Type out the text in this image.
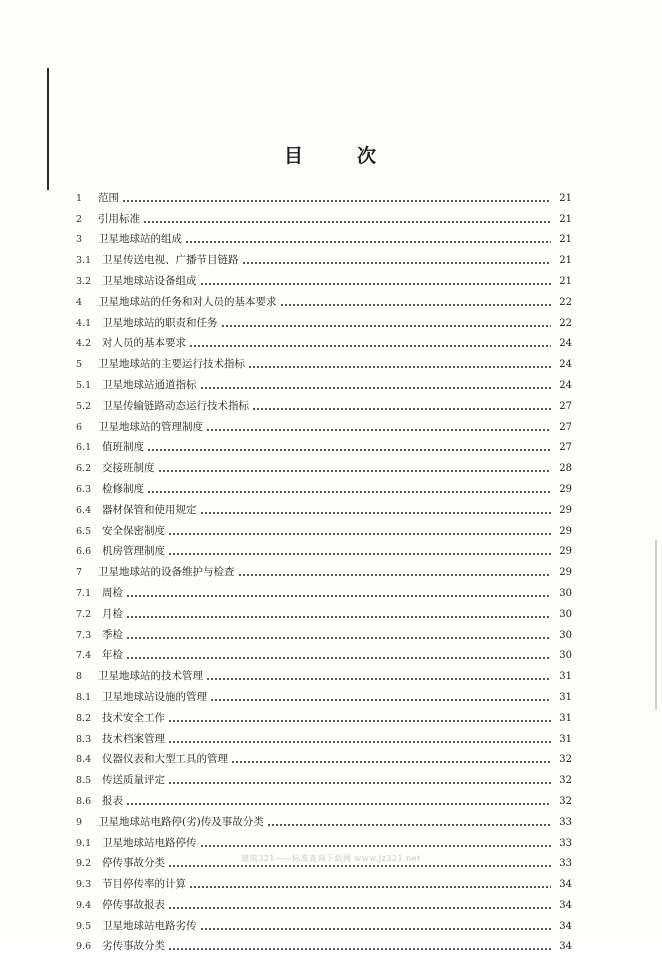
目	次
1	范围	21
2	引用标准	21
3	卫星地球站的组成	21
3.1	卫星传送电视、广播节目链路	21
3.2	卫星地球站设备组成	21
4	卫星地球站的任务和对人员的基本要求	22
4.1	卫星地球站的职责和任务	22
4.2	对人员的基本要求	24
5	卫星地球站的主要运行技术指标	24
5.1	卫星地球站通道指标	24
5.2	卫星传输链路动态运行技术指标	27
6	卫星地球站的管理制度	27
6.1	值班制度	27
6.2	交接班制度	28
6.3	检修制度	29
6.4	器材保管和使用规定	29
6.5	安全保密制度	29
6.6	机房管理制度	29
7	卫星地球站的设备维护与检查	29
7.1	周检	30
7.2	月检	30
7.3	季检	30
7.4	年检	30
8	卫星地球站的技术管理	31
8.1	卫星地球站设施的管理	31
8.2	技术安全工作	31
8.3	技术档案管理	31
8.4	仪器仪表和大型工具的管理	32
8.5	传送质量评定	32
8.6	报表	32
9	卫星地球站电路停(劣)传及事故分类	33
9.1	卫星地球站电路停传	33
9.2	停传事故分类	33
9.3	节目停传率的计算	34
9.4	停传事故报表	34
9.5	卫星地球站电路劣传	34
9.6	劣传事故分类	34
建筑321——标准查询下载网 www.jz321.net
